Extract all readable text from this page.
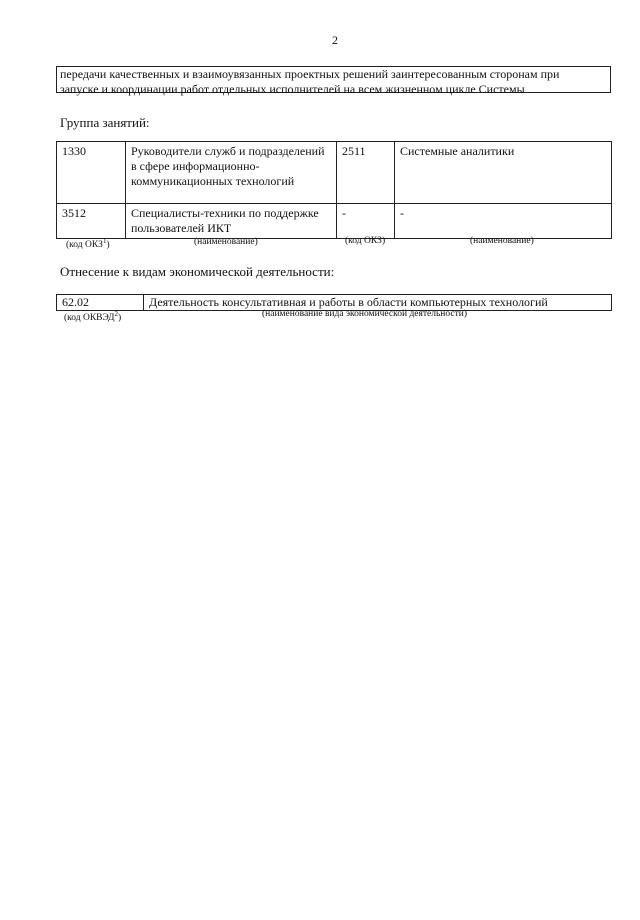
2
передачи качественных и взаимоувязанных проектных решений заинтересованным сторонам при
запуске и координации работ отдельных исполнителей на всем жизненном цикле Системы
Группа занятий:
1330	Руководители служб и подразделений в сфере информационно-коммуникационных технологий	2511	Системные аналитики
3512	Специалисты-техники по поддержке пользователей ИКТ	-	-
(код ОКЗ$^1$)	(наименование)	(код ОКЗ)	(наименование)
Отнесение к видам экономической деятельности:
62.02	Деятельность консультативная и работы в области компьютерных технологий
(код ОКВЭД$^2$)	(наименование вида экономической деятельности)
